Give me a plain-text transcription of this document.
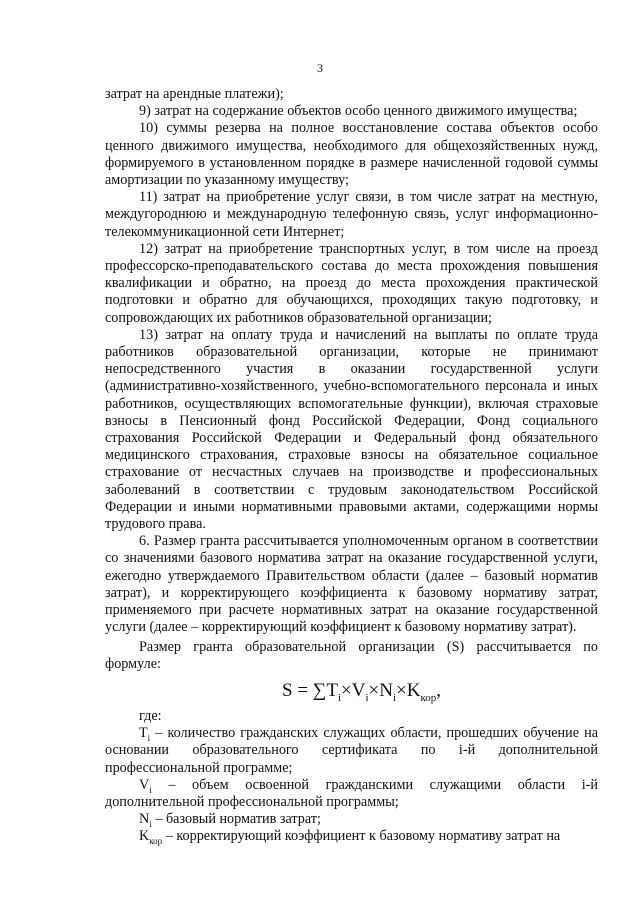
3

затрат на арендные платежи);

9) затрат на содержание объектов особо ценного движимого имущества;

10) суммы резерва на полное восстановление состава объектов особо ценного движимого имущества, необходимого для общехозяйственных нужд, формируемого в установленном порядке в размере начисленной годовой суммы амортизации по указанному имуществу;

11) затрат на приобретение услуг связи, в том числе затрат на местную, междугороднюю и международную телефонную связь, услуг информационно-телекоммуникационной сети Интернет;

12) затрат на приобретение транспортных услуг, в том числе на проезд профессорско-преподавательского состава до места прохождения повышения квалификации и обратно, на проезд до места прохождения практической подготовки и обратно для обучающихся, проходящих такую подготовку, и сопровождающих их работников образовательной организации;

13) затрат на оплату труда и начислений на выплаты по оплате труда работников образовательной организации, которые не принимают непосредственного участия в оказании государственной услуги (административно-хозяйственного, учебно-вспомогательного персонала и иных работников, осуществляющих вспомогательные функции), включая страховые взносы в Пенсионный фонд Российской Федерации, Фонд социального страхования Российской Федерации и Федеральный фонд обязательного медицинского страхования, страховые взносы на обязательное социальное страхование от несчастных случаев на производстве и профессиональных заболеваний в соответствии с трудовым законодательством Российской Федерации и иными нормативными правовыми актами, содержащими нормы трудового права.

6. Размер гранта рассчитывается уполномоченным органом в соответствии со значениями базового норматива затрат на оказание государственной услуги, ежегодно утверждаемого Правительством области (далее – базовый норматив затрат), и корректирующего коэффициента к базовому нормативу затрат, применяемого при расчете нормативных затрат на оказание государственной услуги (далее – корректирующий коэффициент к базовому нормативу затрат).

Размер гранта образовательной организации (S) рассчитывается по формуле:

$S = \sum T_i\times V_i\times N_i\times K_{кор}$,

где:

$T_i$ – количество гражданских служащих области, прошедших обучение на основании образовательного сертификата по i-й дополнительной профессиональной программе;

$V_i$ – объем освоенной гражданскими служащими области i-й дополнительной профессиональной программы;

$N_i$ – базовый норматив затрат;

$K_{кор}$ – корректирующий коэффициент к базовому нормативу затрат на
